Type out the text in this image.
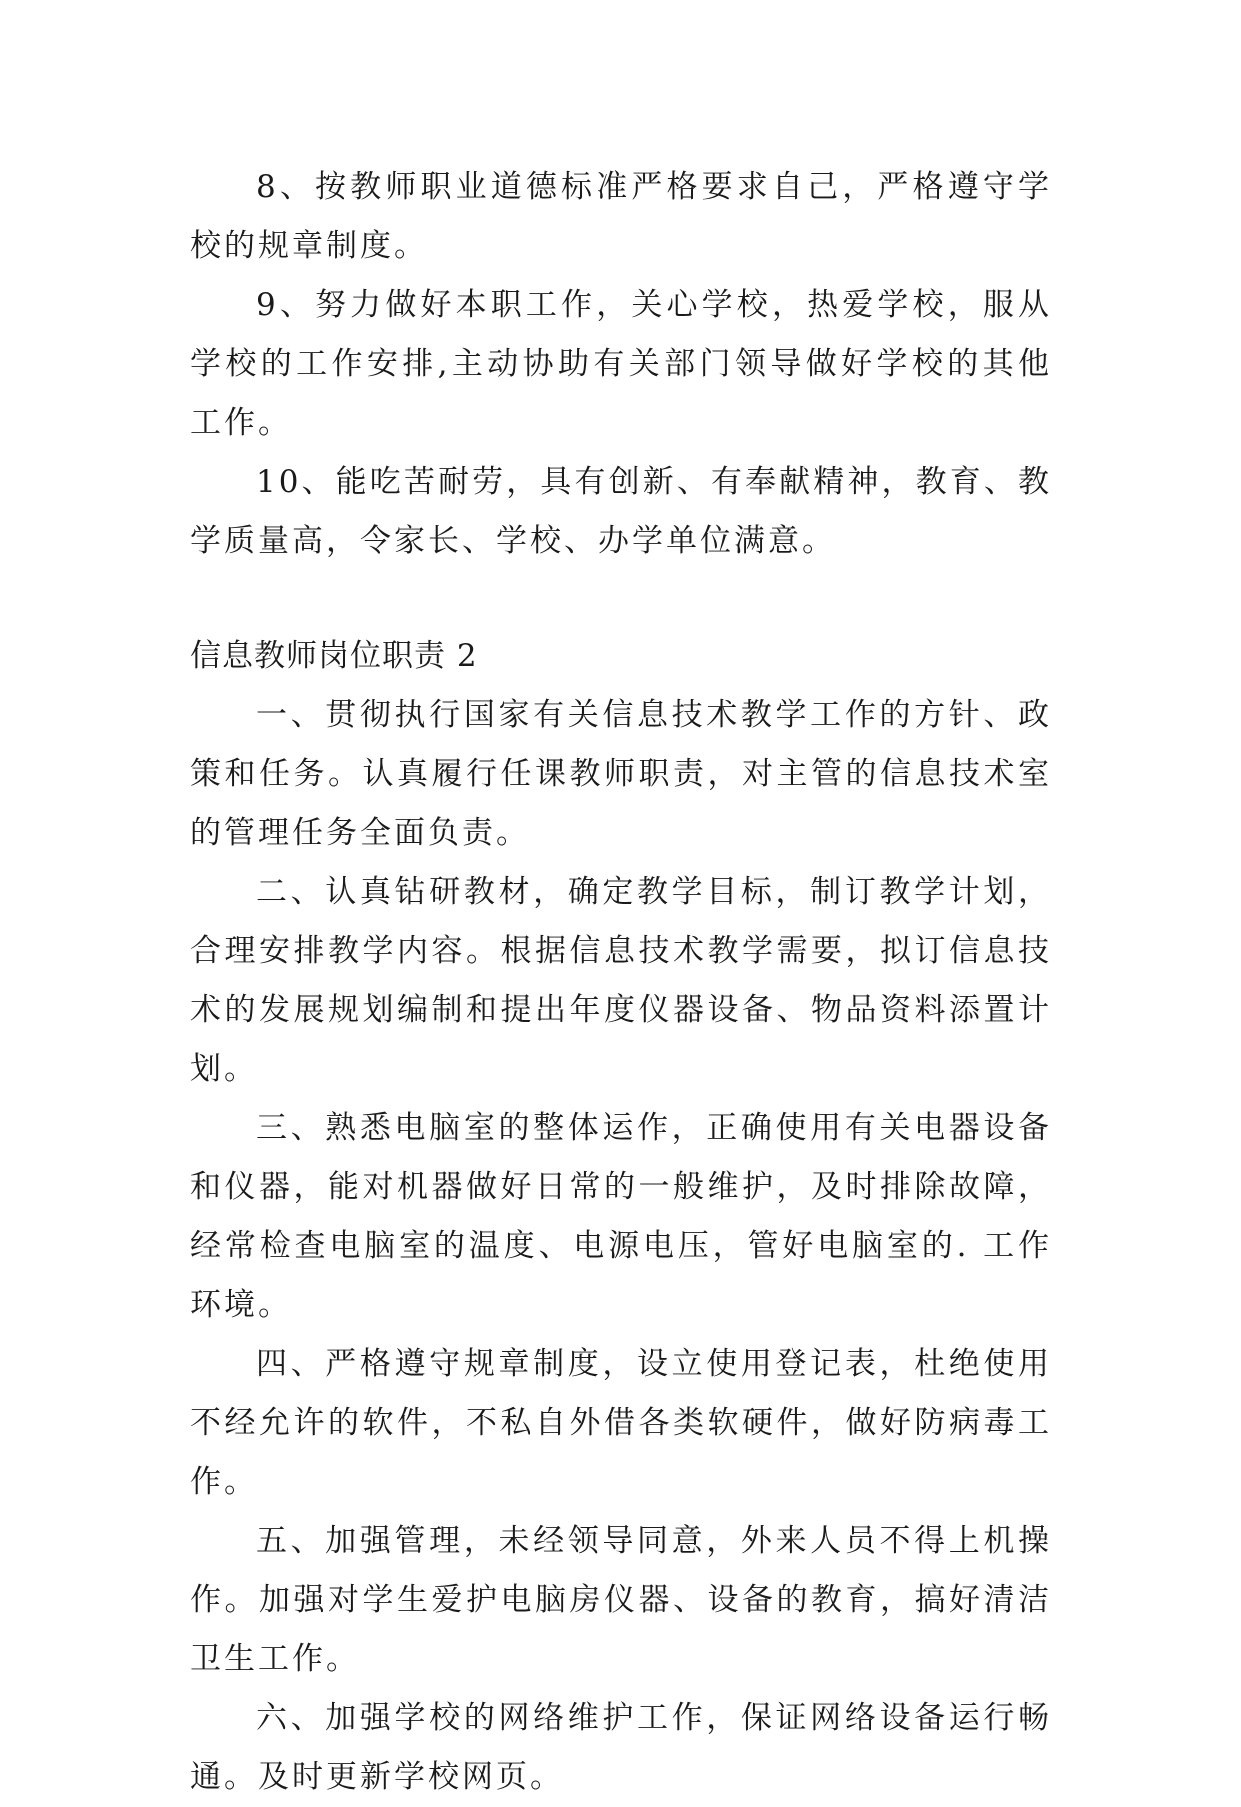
8、按教师职业道德标准严格要求自己，严格遵守学校的规章制度。

9、努力做好本职工作，关心学校，热爱学校，服从学校的工作安排,主动协助有关部门领导做好学校的其他工作。

10、能吃苦耐劳，具有创新、有奉献精神，教育、教学质量高，令家长、学校、办学单位满意。

信息教师岗位职责 2

一、贯彻执行国家有关信息技术教学工作的方针、政策和任务。认真履行任课教师职责，对主管的信息技术室的管理任务全面负责。

二、认真钻研教材，确定教学目标，制订教学计划，合理安排教学内容。根据信息技术教学需要，拟订信息技术的发展规划编制和提出年度仪器设备、物品资料添置计划。

三、熟悉电脑室的整体运作，正确使用有关电器设备和仪器，能对机器做好日常的一般维护，及时排除故障，经常检查电脑室的温度、电源电压，管好电脑室的. 工作环境。

四、严格遵守规章制度，设立使用登记表，杜绝使用不经允许的软件，不私自外借各类软硬件，做好防病毒工作。

五、加强管理，未经领导同意，外来人员不得上机操作。加强对学生爱护电脑房仪器、设备的教育，搞好清洁卫生工作。

六、加强学校的网络维护工作，保证网络设备运行畅通。及时更新学校网页。
